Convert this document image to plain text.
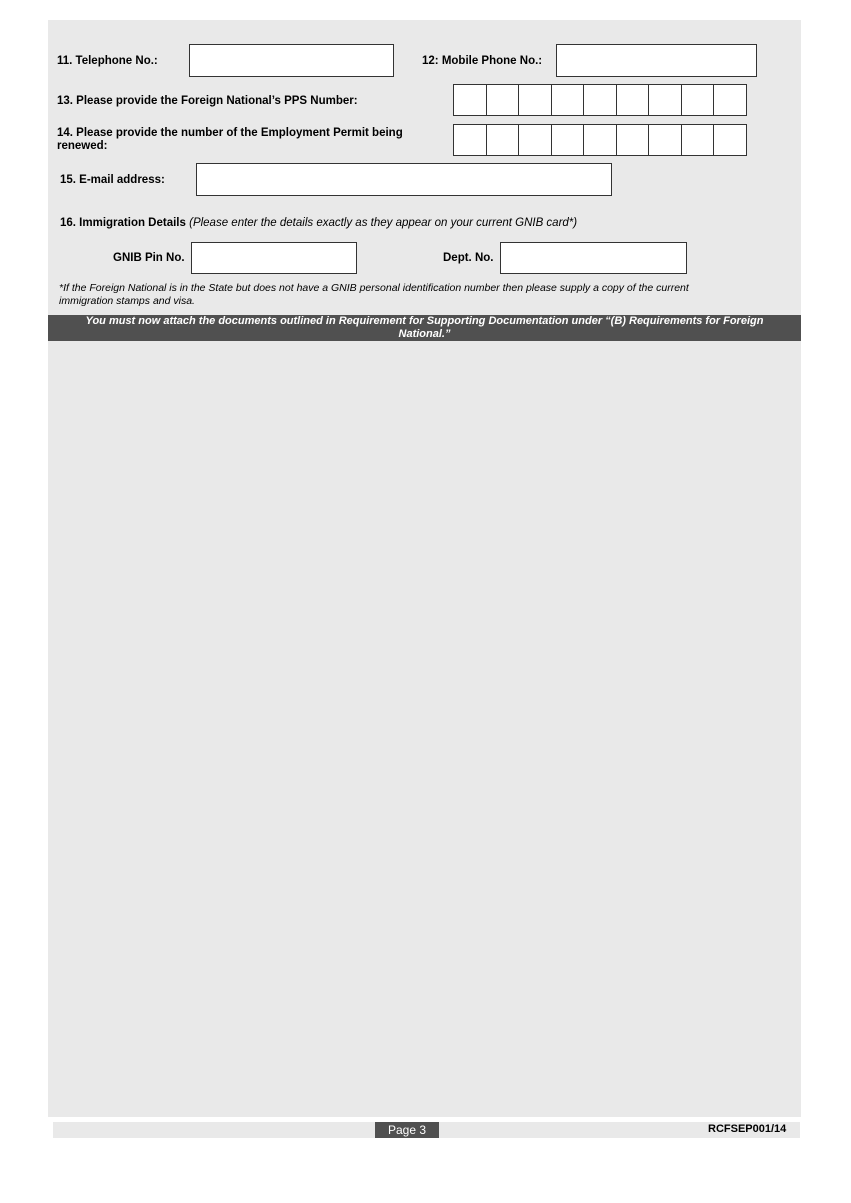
11. Telephone No.:	12: Mobile Phone No.:
13. Please provide the Foreign National’s PPS Number:
14. Please provide the number of the Employment Permit being
renewed:
15. E-mail address:
16. Immigration Details (Please enter the details exactly as they appear on your current GNIB card*)
GNIB Pin No.	Dept. No.
*If the Foreign National is in the State but does not have a GNIB personal identification number then please supply a copy of the current
immigration stamps and visa.
You must now attach the documents outlined in Requirement for Supporting Documentation under “(B) Requirements for Foreign
National.”
Page 3	RCFSEP001/14
